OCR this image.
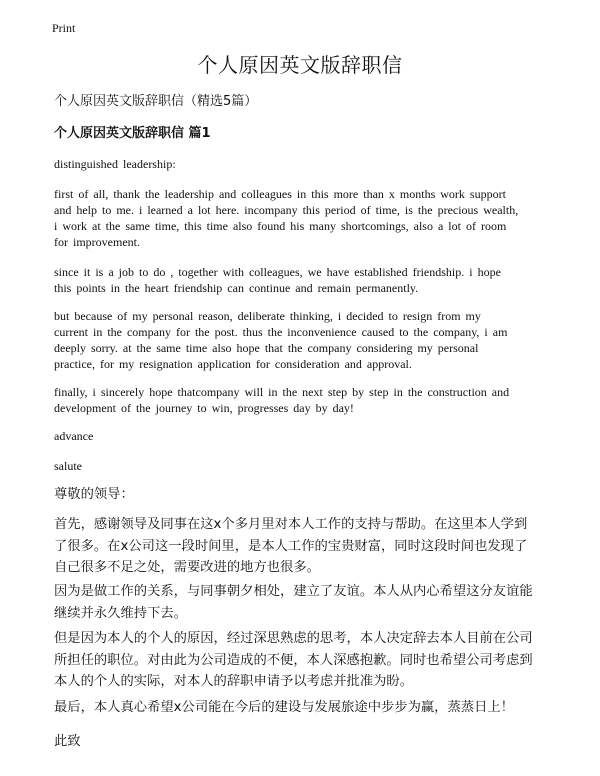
Print
个人原因英文版辞职信
个人原因英文版辞职信（精选5篇）
个人原因英文版辞职信 篇1
distinguished leadership:
first of all, thank the leadership and colleagues in this more than x months work support
and help to me. i learned a lot here. incompany this period of time, is the precious wealth,
i work at the same time, this time also found his many shortcomings, also a lot of room
for improvement.
since it is a job to do , together with colleagues, we have established friendship. i hope
this points in the heart friendship can continue and remain permanently.
but because of my personal reason, deliberate thinking, i decided to resign from my
current in the company for the post. thus the inconvenience caused to the company, i am
deeply sorry. at the same time also hope that the company considering my personal
practice, for my resignation application for consideration and approval.
finally, i sincerely hope thatcompany will in the next step by step in the construction and
development of the journey to win, progresses day by day!
advance
salute
尊敬的领导：
首先，感谢领导及同事在这x个多月里对本人工作的支持与帮助。在这里本人学到
了很多。在x公司这一段时间里，是本人工作的宝贵财富，同时这段时间也发现了
自己很多不足之处，需要改进的地方也很多。
因为是做工作的关系，与同事朝夕相处，建立了友谊。本人从内心希望这分友谊能
继续并永久维持下去。
但是因为本人的个人的原因，经过深思熟虑的思考，本人决定辞去本人目前在公司
所担任的职位。对由此为公司造成的不便，本人深感抱歉。同时也希望公司考虑到
本人的个人的实际，对本人的辞职申请予以考虑并批准为盼。
最后，本人真心希望x公司能在今后的建设与发展旅途中步步为赢，蒸蒸日上！
此致
